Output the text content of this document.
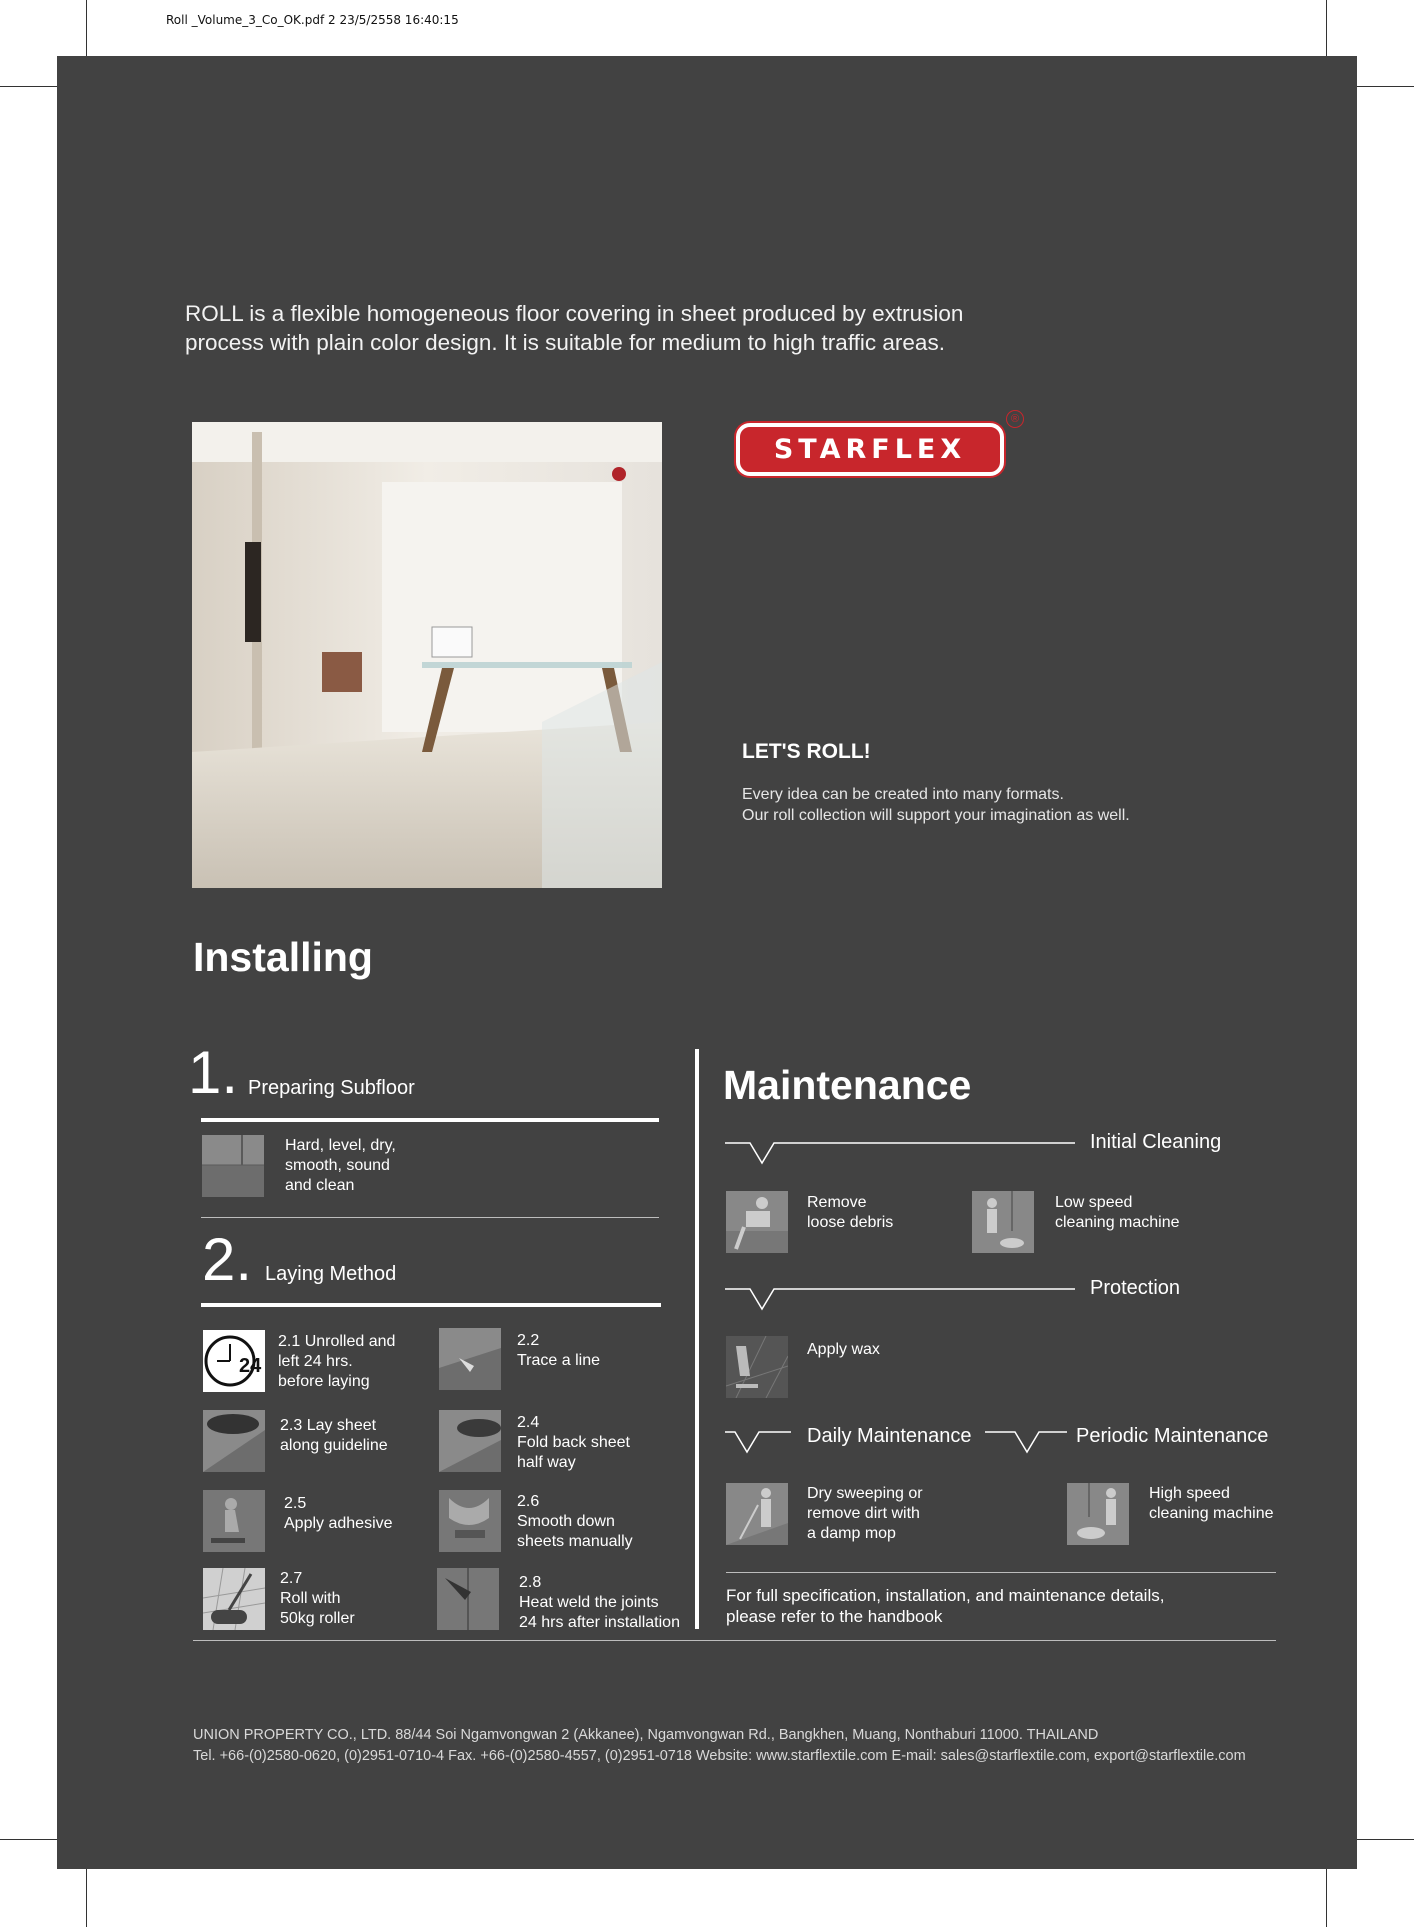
Roll _Volume_3_Co_OK.pdf 2 23/5/2558 16:40:15
ROLL is a flexible homogeneous floor covering in sheet produced by extrusion
process with plain color design. It is suitable for medium to high traffic areas.
STARFLEX
®
LET'S ROLL!
Every idea can be created into many formats.
Our roll collection will support your imagination as well.
Installing
1. Preparing Subfloor
Hard, level, dry,
smooth, sound
and clean
2. Laying Method
24
2.1 Unrolled and
left 24 hrs.
before laying
2.2
Trace a line
2.3 Lay sheet
along guideline
2.4
Fold back sheet
half way
2.5
Apply adhesive
2.6
Smooth down
sheets manually
2.7
Roll with
50kg roller
2.8
Heat weld the joints
24 hrs after installation
Maintenance
Initial Cleaning
Remove
loose debris
Low speed
cleaning machine
Protection
Apply wax
Daily Maintenance	Periodic Maintenance
Dry sweeping or
remove dirt with
a damp mop
High speed
cleaning machine
For full specification, installation, and maintenance details,
please refer to the handbook
UNION PROPERTY CO., LTD. 88/44 Soi Ngamvongwan 2 (Akkanee), Ngamvongwan Rd., Bangkhen, Muang, Nonthaburi 11000. THAILAND
Tel. +66-(0)2580-0620, (0)2951-0710-4 Fax. +66-(0)2580-4557, (0)2951-0718 Website: www.starflextile.com E-mail: sales@starflextile.com, export@starflextile.com
